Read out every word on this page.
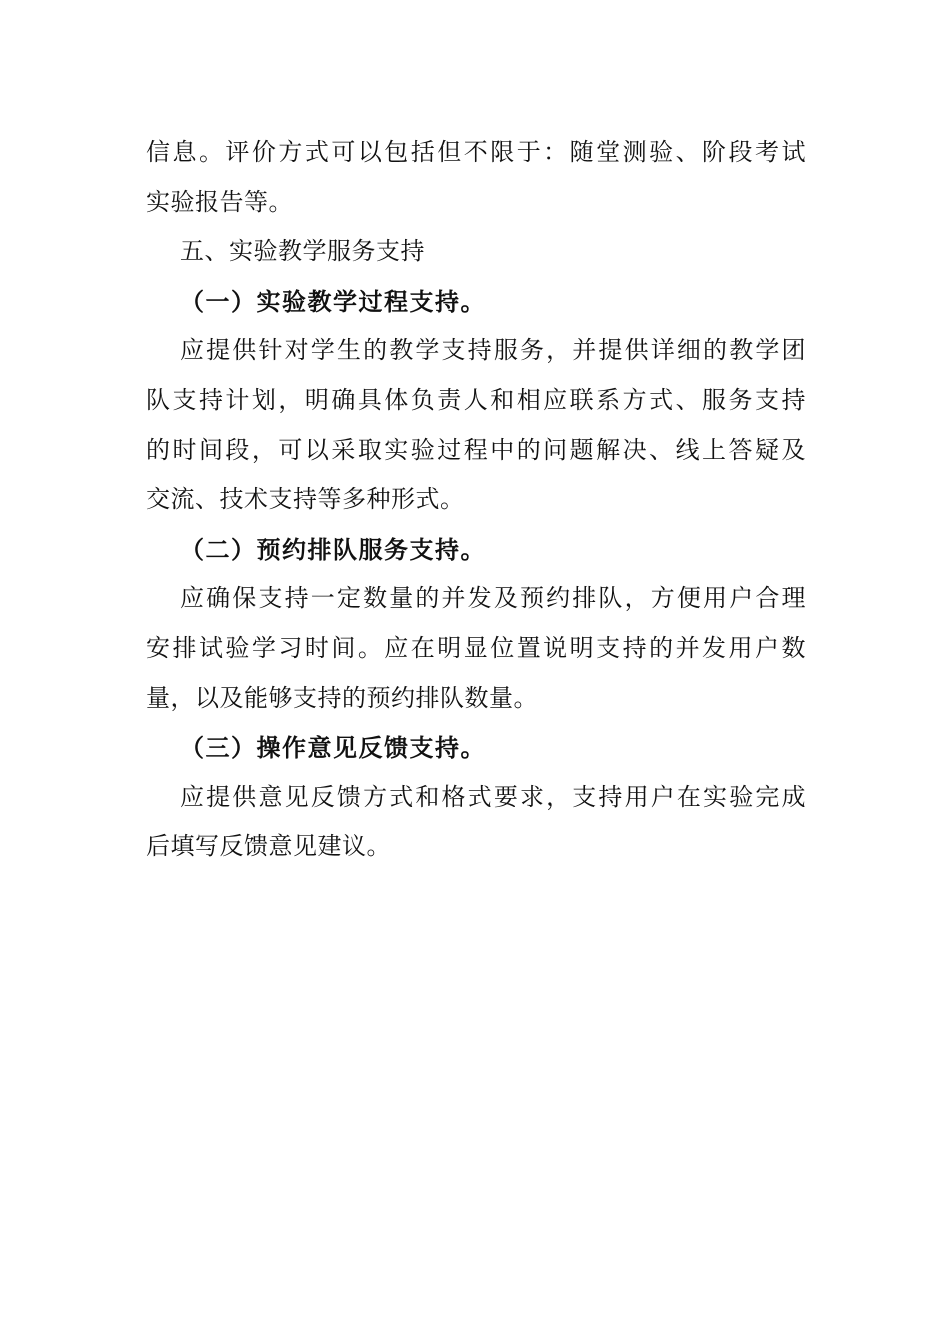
信息。评价方式可以包括但不限于：随堂测验、阶段考试
实验报告等。
五、实验教学服务支持
（一）实验教学过程支持。
应提供针对学生的教学支持服务，并提供详细的教学团
队支持计划，明确具体负责人和相应联系方式、服务支持
的时间段，可以采取实验过程中的问题解决、线上答疑及
交流、技术支持等多种形式。
（二）预约排队服务支持。
应确保支持一定数量的并发及预约排队，方便用户合理
安排试验学习时间。应在明显位置说明支持的并发用户数
量，以及能够支持的预约排队数量。
（三）操作意见反馈支持。
应提供意见反馈方式和格式要求，支持用户在实验完成
后填写反馈意见建议。
